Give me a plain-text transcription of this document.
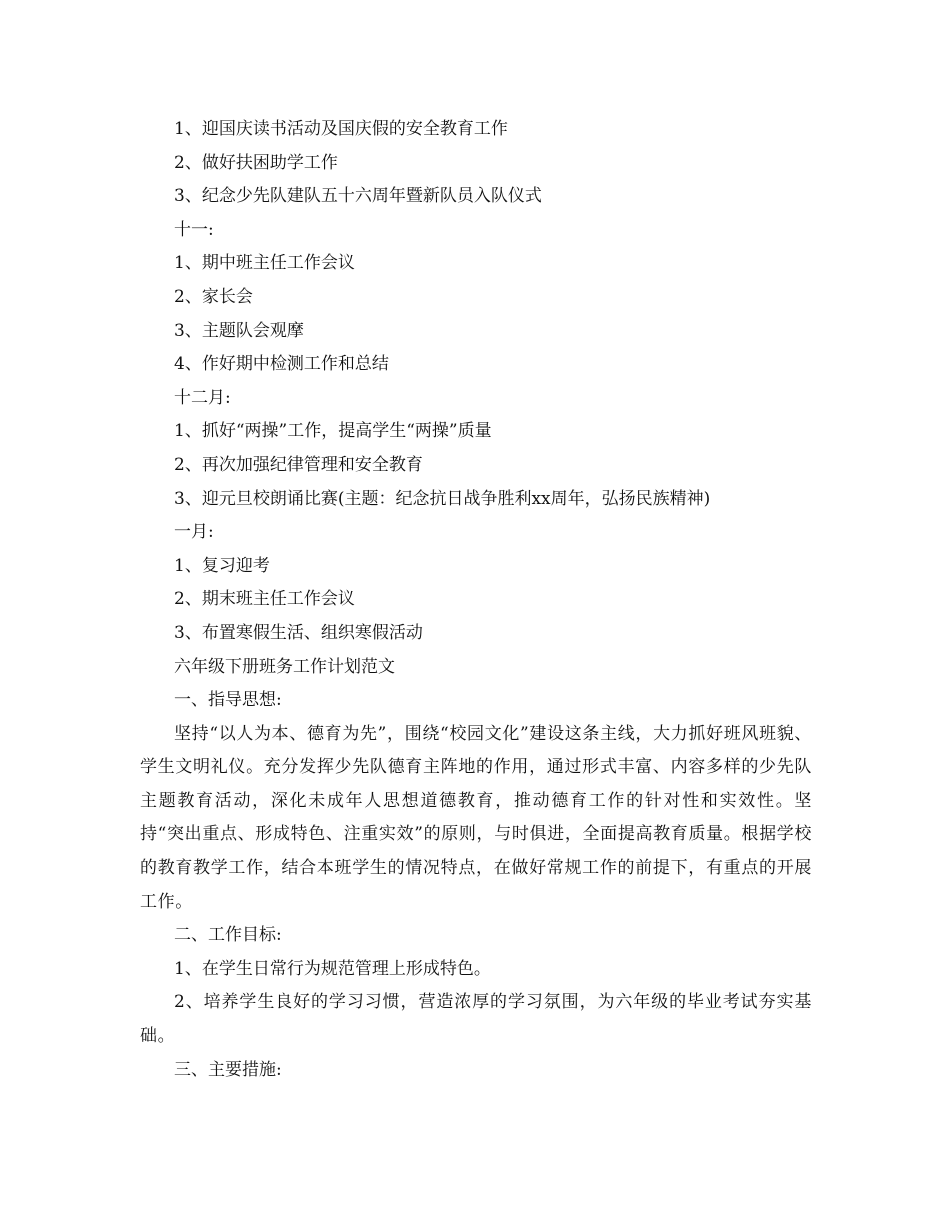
1、迎国庆读书活动及国庆假的安全教育工作

2、做好扶困助学工作

3、纪念少先队建队五十六周年暨新队员入队仪式

十一:

1、期中班主任工作会议

2、家长会

3、主题队会观摩

4、作好期中检测工作和总结

十二月:

1、抓好“两操”工作，提高学生“两操”质量

2、再次加强纪律管理和安全教育

3、迎元旦校朗诵比赛(主题：纪念抗日战争胜利xx周年，弘扬民族精神)

一月:

1、复习迎考

2、期末班主任工作会议

3、布置寒假生活、组织寒假活动

六年级下册班务工作计划范文

一、指导思想:

坚持“以人为本、德育为先”，围绕“校园文化”建设这条主线，大力抓好班风班貌、学生文明礼仪。充分发挥少先队德育主阵地的作用，通过形式丰富、内容多样的少先队主题教育活动，深化未成年人思想道德教育，推动德育工作的针对性和实效性。坚持“突出重点、形成特色、注重实效”的原则，与时俱进，全面提高教育质量。根据学校的教育教学工作，结合本班学生的情况特点，在做好常规工作的前提下，有重点的开展工作。

二、工作目标:

1、在学生日常行为规范管理上形成特色。

2、培养学生良好的学习习惯，营造浓厚的学习氛围，为六年级的毕业考试夯实基础。

三、主要措施:
